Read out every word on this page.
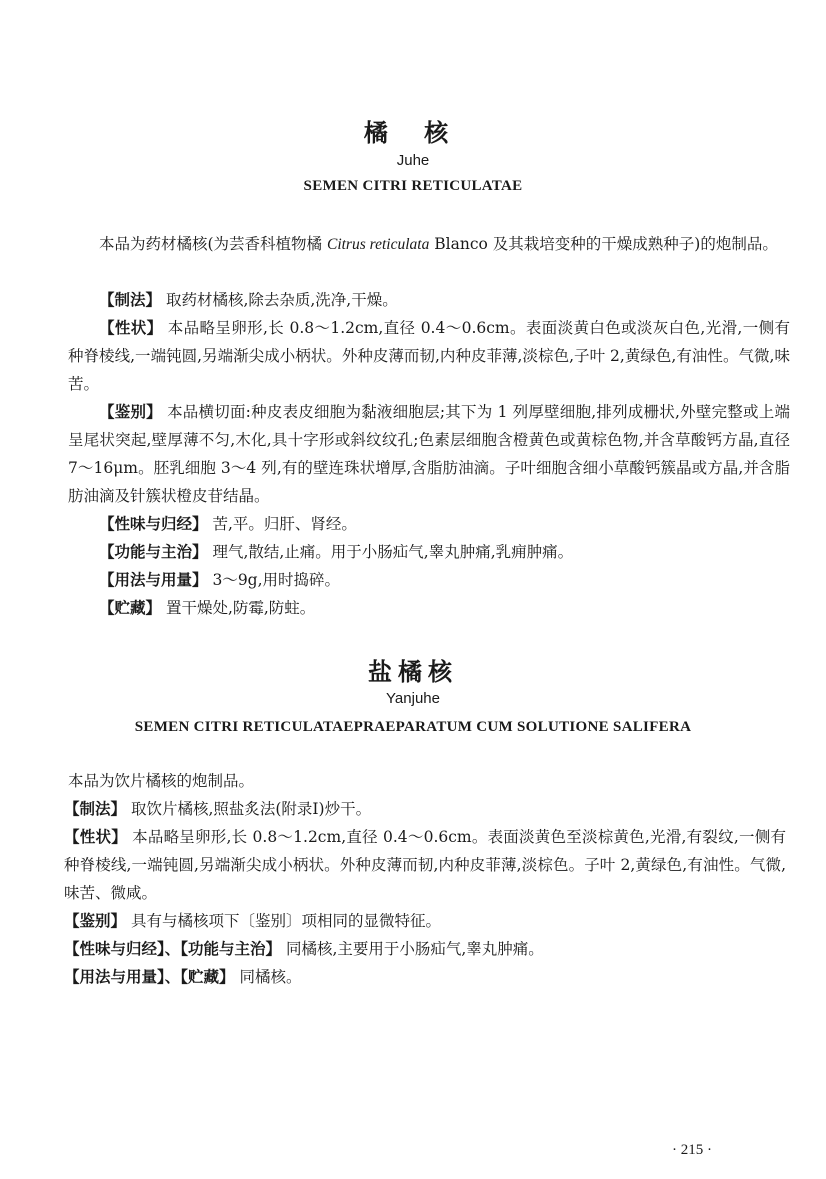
橘 核
Juhe
SEMEN CITRI RETICULATAE
本品为药材橘核(为芸香科植物橘 Citrus reticulata Blanco 及其栽培变种的干燥成熟种子)的炮制品。
【制法】 取药材橘核,除去杂质,洗净,干燥。
【性状】 本品略呈卵形,长 0.8～1.2cm,直径 0.4～0.6cm。表面淡黄白色或淡灰白色,光滑,一侧有种脊棱线,一端钝圆,另端渐尖成小柄状。外种皮薄而韧,内种皮菲薄,淡棕色,子叶 2,黄绿色,有油性。气微,味苦。
【鉴别】 本品横切面:种皮表皮细胞为黏液细胞层;其下为 1 列厚壁细胞,排列成栅状,外壁完整或上端呈尾状突起,壁厚薄不匀,木化,具十字形或斜纹纹孔;色素层细胞含橙黄色或黄棕色物,并含草酸钙方晶,直径 7～16μm。胚乳细胞 3～4 列,有的壁连珠状增厚,含脂肪油滴。子叶细胞含细小草酸钙簇晶或方晶,并含脂肪油滴及针簇状橙皮苷结晶。
【性味与归经】 苦,平。归肝、肾经。
【功能与主治】 理气,散结,止痛。用于小肠疝气,睾丸肿痛,乳痈肿痛。
【用法与用量】 3～9g,用时捣碎。
【贮藏】 置干燥处,防霉,防蛀。
盐橘核
Yanjuhe
SEMEN CITRI RETICULATAEPRAEPARATUM CUM SOLUTIONE SALIFERA
本品为饮片橘核的炮制品。
【制法】 取饮片橘核,照盐炙法(附录Ⅰ)炒干。
【性状】 本品略呈卵形,长 0.8～1.2cm,直径 0.4～0.6cm。表面淡黄色至淡棕黄色,光滑,有裂纹,一侧有种脊棱线,一端钝圆,另端渐尖成小柄状。外种皮薄而韧,内种皮菲薄,淡棕色。子叶 2,黄绿色,有油性。气微,味苦、微咸。
【鉴别】 具有与橘核项下〔鉴别〕项相同的显微特征。
【性味与归经】、【功能与主治】 同橘核,主要用于小肠疝气,睾丸肿痛。
【用法与用量】、【贮藏】 同橘核。
· 215 ·
